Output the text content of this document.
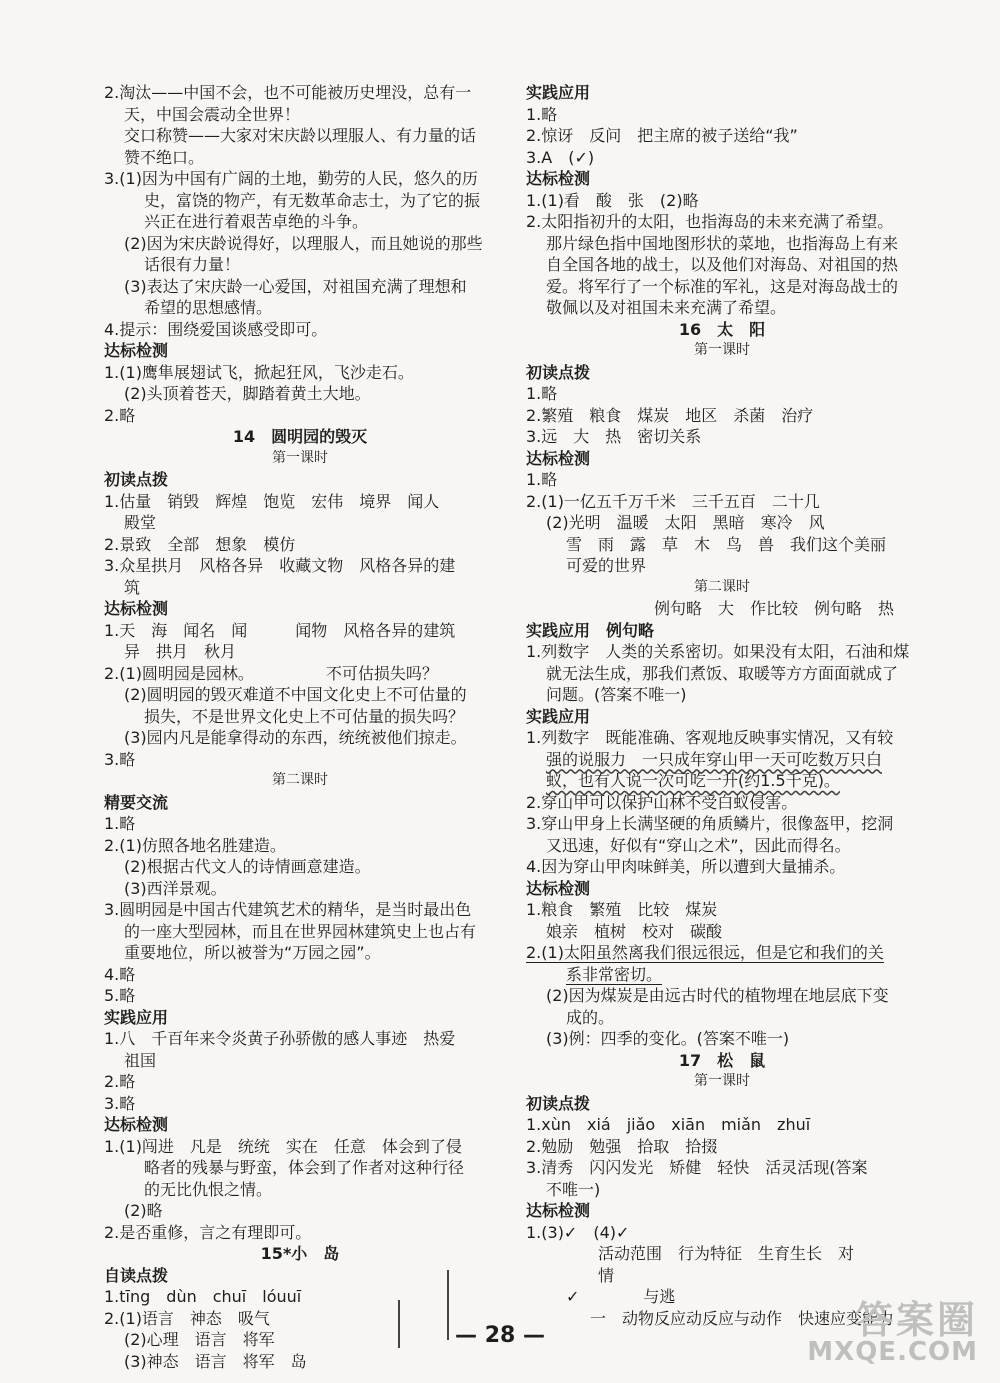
2.淘汰——中国不会，也不可能被历史埋没，总有一

天，中国会震动全世界！

交口称赞——大家对宋庆龄以理服人、有力量的话

赞不绝口。

3.(1)因为中国有广阔的土地，勤劳的人民，悠久的历

史，富饶的物产，有无数革命志士，为了它的振

兴正在进行着艰苦卓绝的斗争。

(2)因为宋庆龄说得好，以理服人，而且她说的那些

话很有力量！

(3)表达了宋庆龄一心爱国，对祖国充满了理想和

希望的思想感情。

4.提示：围绕爱国谈感受即可。

达标检测

1.(1)鹰隼展翅试飞，掀起狂风，飞沙走石。

(2)头顶着苍天，脚踏着黄土大地。

2.略

14　圆明园的毁灭

第一课时

初读点拨

1.估量　销毁　辉煌　饱览　宏伟　境界　闻人

殿堂

2.景致　全部　想象　模仿

3.众星拱月　风格各异　收藏文物　风格各异的建

筑

达标检测

1.天　海　闻名　闻　　　闻物　风格各异的建筑

异　拱月　秋月

2.(1)圆明园是园林。　　　　　不可估损失吗？

(2)圆明园的毁灭难道不中国文化史上不可估量的

损失，不是世界文化史上不可估量的损失吗？

(3)园内凡是能拿得动的东西，统统被他们掠走。

3.略

第二课时

精要交流

1.略

2.(1)仿照各地名胜建造。

(2)根据古代文人的诗情画意建造。

(3)西洋景观。

3.圆明园是中国古代建筑艺术的精华，是当时最出色

的一座大型园林，而且在世界园林建筑史上也占有

重要地位，所以被誉为“万园之园”。

4.略

5.略

实践应用

1.八　千百年来令炎黄子孙骄傲的感人事迹　热爱

祖国

2.略

3.略

达标检测

1.(1)闯进　凡是　统统　实在　任意　体会到了侵

略者的残暴与野蛮，体会到了作者对这种行径

的无比仇恨之情。

(2)略

2.是否重修，言之有理即可。

15*小　岛

自读点拨

1.tīng　dùn　chuī　lóuuī

2.(1)语言　神态　吸气

(2)心理　语言　将军

(3)神态　语言　将军　岛

实践应用

1.略

2.惊讶　反问　把主席的被子送给“我”

3.A　(✓)

达标检测

1.(1)看　酸　张　(2)略

2.太阳指初升的太阳，也指海岛的未来充满了希望。

那片绿色指中国地图形状的菜地，也指海岛上有来

自全国各地的战士，以及他们对海岛、对祖国的热

爱。将军行了一个标准的军礼，这是对海岛战士的

敬佩以及对祖国未来充满了希望。

16　太　阳

第一课时

初读点拨

1.略

2.繁殖　粮食　煤炭　地区　杀菌　治疗

3.远　大　热　密切关系

达标检测

1.略

2.(1)一亿五千万千米　三千五百　二十几

(2)光明　温暖　太阳　黑暗　寒冷　风

雪　雨　露　草　木　鸟　兽　我们这个美丽

可爱的世界

第二课时

　　　　　　　　例句略　大　作比较　例句略　热

实践应用　例句略

1.列数字　人类的关系密切。如果没有太阳，石油和煤

就无法生成，那我们煮饭、取暖等方方面面就成了

问题。(答案不唯一)

实践应用

1.列数字　既能准确、客观地反映事实情况，又有较

强的说服力　一只成年穿山甲一天可吃数万只白

蚁，也有人说一次可吃一升(约1.5千克)。

2.穿山甲可以保护山林不受白蚁侵害。

3.穿山甲身上长满坚硬的角质鳞片，很像盔甲，挖洞

又迅速，好似有“穿山之术”，因此而得名。

4.因为穿山甲肉味鲜美，所以遭到大量捕杀。

达标检测

1.粮食　繁殖　比较　煤炭

娘亲　植树　校对　碳酸

2.(1)太阳虽然离我们很远很远，但是它和我们的关

系非常密切。

(2)因为煤炭是由远古时代的植物埋在地层底下变

成的。

(3)例：四季的变化。(答案不唯一)

17　松　鼠

第一课时

初读点拨

1.xùn　xiá　jiǎo　xiān　miǎn　zhuī

2.勉励　勉强　拾取　拾掇

3.清秀　闪闪发光　矫健　轻快　活灵活现(答案

不唯一)

达标检测

1.(3)✓　(4)✓

　　活动范围　行为特征　生育生长　对

　　情

✓　　　　与逃

　　　　一　动物反应动反应与动作　快速应变能力

— 28 —	答案圈
MXQE.COM
